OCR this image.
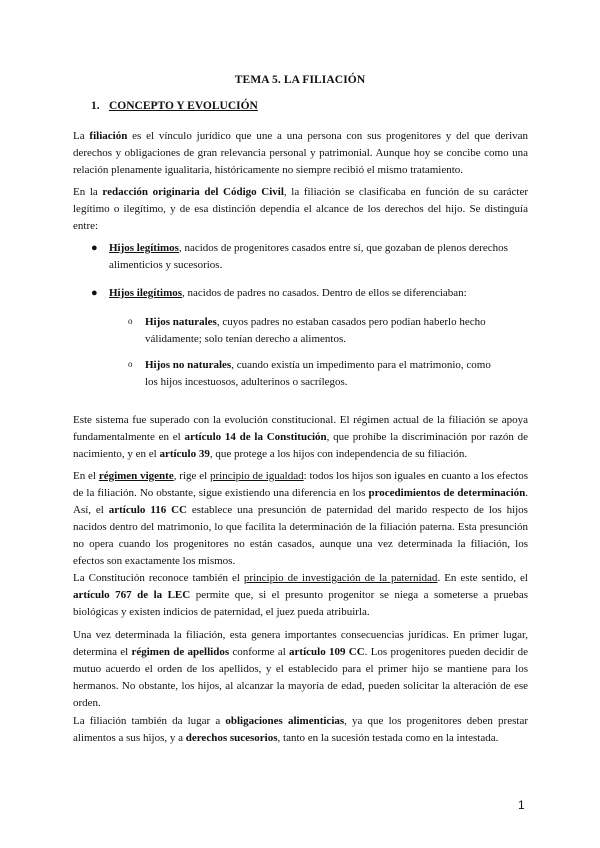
TEMA 5. LA FILIACIÓN
1. CONCEPTO Y EVOLUCIÓN
La filiación es el vínculo jurídico que une a una persona con sus progenitores y del que derivan derechos y obligaciones de gran relevancia personal y patrimonial. Aunque hoy se concibe como una relación plenamente igualitaria, históricamente no siempre recibió el mismo tratamiento.
En la redacción originaria del Código Civil, la filiación se clasificaba en función de su carácter legítimo o ilegítimo, y de esa distinción dependía el alcance de los derechos del hijo. Se distinguía entre:
● Hijos legítimos, nacidos de progenitores casados entre sí, que gozaban de plenos derechos alimenticios y sucesorios.
● Hijos ilegítimos, nacidos de padres no casados. Dentro de ellos se diferenciaban:
o Hijos naturales, cuyos padres no estaban casados pero podían haberlo hecho válidamente; solo tenían derecho a alimentos.
o Hijos no naturales, cuando existía un impedimento para el matrimonio, como los hijos incestuosos, adulterinos o sacrílegos.
Este sistema fue superado con la evolución constitucional. El régimen actual de la filiación se apoya fundamentalmente en el artículo 14 de la Constitución, que prohíbe la discriminación por razón de nacimiento, y en el artículo 39, que protege a los hijos con independencia de su filiación.
En el régimen vigente, rige el principio de igualdad: todos los hijos son iguales en cuanto a los efectos de la filiación. No obstante, sigue existiendo una diferencia en los procedimientos de determinación. Así, el artículo 116 CC establece una presunción de paternidad del marido respecto de los hijos nacidos dentro del matrimonio, lo que facilita la determinación de la filiación paterna. Esta presunción no opera cuando los progenitores no están casados, aunque una vez determinada la filiación, los efectos son exactamente los mismos.
La Constitución reconoce también el principio de investigación de la paternidad. En este sentido, el artículo 767 de la LEC permite que, si el presunto progenitor se niega a someterse a pruebas biológicas y existen indicios de paternidad, el juez pueda atribuirla.
Una vez determinada la filiación, esta genera importantes consecuencias jurídicas. En primer lugar, determina el régimen de apellidos conforme al artículo 109 CC. Los progenitores pueden decidir de mutuo acuerdo el orden de los apellidos, y el establecido para el primer hijo se mantiene para los hermanos. No obstante, los hijos, al alcanzar la mayoría de edad, pueden solicitar la alteración de ese orden.
La filiación también da lugar a obligaciones alimenticias, ya que los progenitores deben prestar alimentos a sus hijos, y a derechos sucesorios, tanto en la sucesión testada como en la intestada.
1
